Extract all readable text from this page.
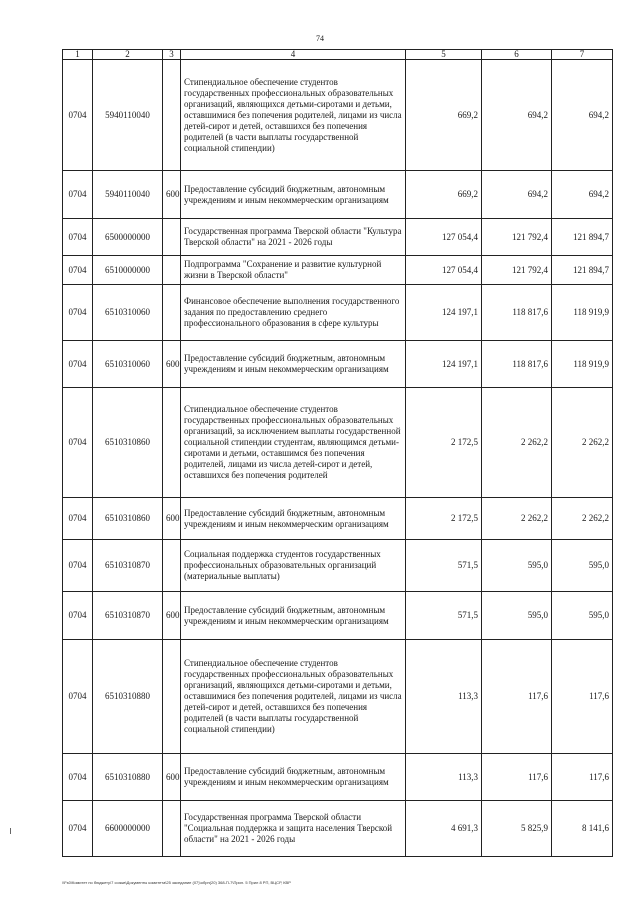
74
1	2	3	4	5	6	7
0704	5940110040		Стипендиальное обеспечение студентов государственных профессиональных образовательных организаций, являющихся детьми-сиротами и детьми, оставшимися без попечения родителей, лицами из числа детей-сирот и детей, оставшихся без попечения родителей (в части выплаты государственной социальной стипендии)	669,2	694,2	694,2
0704	5940110040	600	Предоставление субсидий бюджетным, автономным учреждениям и иным некоммерческим организациям	669,2	694,2	694,2
0704	6500000000		Государственная программа Тверской области "Культура Тверской области" на 2021 - 2026 годы	127 054,4	121 792,4	121 894,7
0704	6510000000		Подпрограмма "Сохранение и развитие культурной жизни в Тверской области"	127 054,4	121 792,4	121 894,7
0704	6510310060		Финансовое обеспечение выполнения государственного задания по предоставлению среднего профессионального образования в сфере культуры	124 197,1	118 817,6	118 919,9
0704	6510310060	600	Предоставление субсидий бюджетным, автономным учреждениям и иным некоммерческим организациям	124 197,1	118 817,6	118 919,9
0704	6510310860		Стипендиальное обеспечение студентов государственных профессиональных образовательных организаций, за исключением выплаты государственной социальной стипендии студентам, являющимся детьми-сиротами и детьми, оставшимся без попечения родителей, лицами из числа детей-сирот и детей, оставшихся без попечения родителей	2 172,5	2 262,2	2 262,2
0704	6510310860	600	Предоставление субсидий бюджетным, автономным учреждениям и иным некоммерческим организациям	2 172,5	2 262,2	2 262,2
0704	6510310870		Социальная поддержка студентов государственных профессиональных образовательных организаций (материальные выплаты)	571,5	595,0	595,0
0704	6510310870	600	Предоставление субсидий бюджетным, автономным учреждениям и иным некоммерческим организациям	571,5	595,0	595,0
0704	6510310880		Стипендиальное обеспечение студентов государственных профессиональных образовательных организаций, являющихся детьми-сиротами и детьми, оставшимися без попечения родителей, лицами из числа детей-сирот и детей, оставшихся без попечения родителей (в части выплаты государственной социальной стипендии)	113,3	117,6	117,6
0704	6510310880	600	Предоставление субсидий бюджетным, автономным учреждениям и иным некоммерческим организациям	113,3	117,6	117,6
0704	6600000000		Государственная программа Тверской области "Социальная поддержка и защита населения Тверской области" на 2021 - 2026 годы	4 691,3	5 825,9	8 141,6
\\Fs0\Комитет по бюджету\7 созыв\Документы комитета\25 заседание (07)\обрн(20) 368-П-7\Прил. 5 Прил 8 РП, ВЦСР, КВР
